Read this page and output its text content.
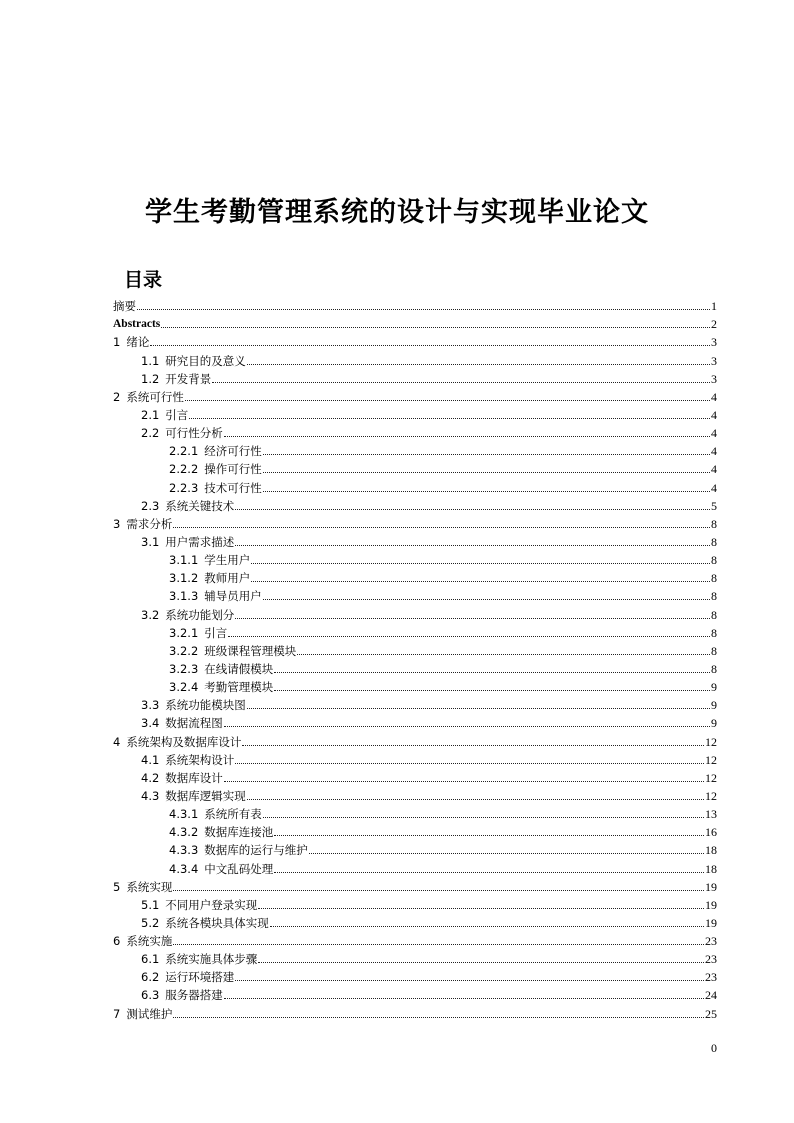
学生考勤管理系统的设计与实现毕业论文
目录
摘要	1
Abstracts	2
1 绪论	3
1.1 研究目的及意义	3
1.2 开发背景	3
2 系统可行性	4
2.1 引言	4
2.2 可行性分析	4
2.2.1 经济可行性	4
2.2.2 操作可行性	4
2.2.3 技术可行性	4
2.3 系统关键技术	5
3 需求分析	8
3.1 用户需求描述	8
3.1.1 学生用户	8
3.1.2 教师用户	8
3.1.3 辅导员用户	8
3.2 系统功能划分	8
3.2.1 引言	8
3.2.2 班级课程管理模块	8
3.2.3 在线请假模块	8
3.2.4 考勤管理模块	9
3.3 系统功能模块图	9
3.4 数据流程图	9
4 系统架构及数据库设计	12
4.1 系统架构设计	12
4.2 数据库设计	12
4.3 数据库逻辑实现	12
4.3.1 系统所有表	13
4.3.2 数据库连接池	16
4.3.3 数据库的运行与维护	18
4.3.4 中文乱码处理	18
5 系统实现	19
5.1 不同用户登录实现	19
5.2 系统各模块具体实现	19
6 系统实施	23
6.1 系统实施具体步骤	23
6.2 运行环境搭建	23
6.3 服务器搭建	24
7 测试维护	25
0
